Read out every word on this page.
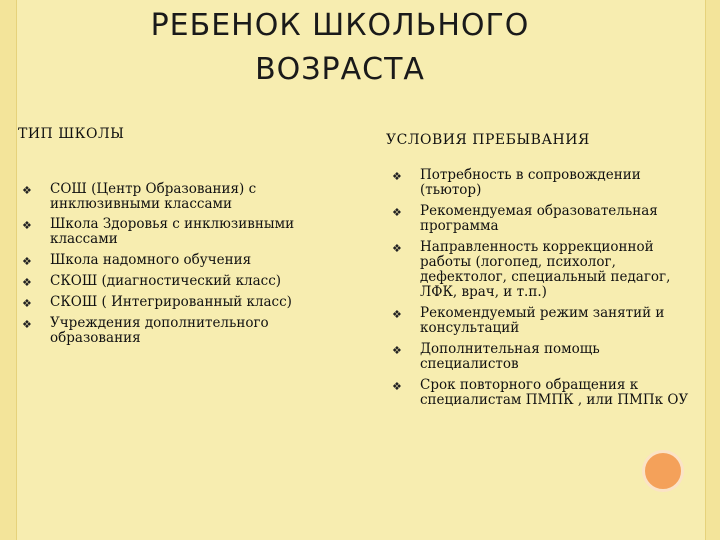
РЕБЕНОК ШКОЛЬНОГО
ВОЗРАСТА
ТИП ШКОЛЫ	УСЛОВИЯ ПРЕБЫВАНИЯ
❖ СОШ (Центр Образования) с инклюзивными классами
❖ Школа Здоровья с инклюзивными классами
❖ Школа надомного обучения
❖ СКОШ (диагностический класс)
❖ СКОШ ( Интегрированный класс)
❖ Учреждения дополнительного образования
❖ Потребность в сопровождении (тьютор)
❖ Рекомендуемая образовательная программа
❖ Направленность коррекционной работы (логопед, психолог, дефектолог, специальный педагог, ЛФК, врач, и т.п.)
❖ Рекомендуемый режим занятий и консультаций
❖ Дополнительная помощь специалистов
❖ Срок повторного обращения к специалистам ПМПК , или ПМПк ОУ
